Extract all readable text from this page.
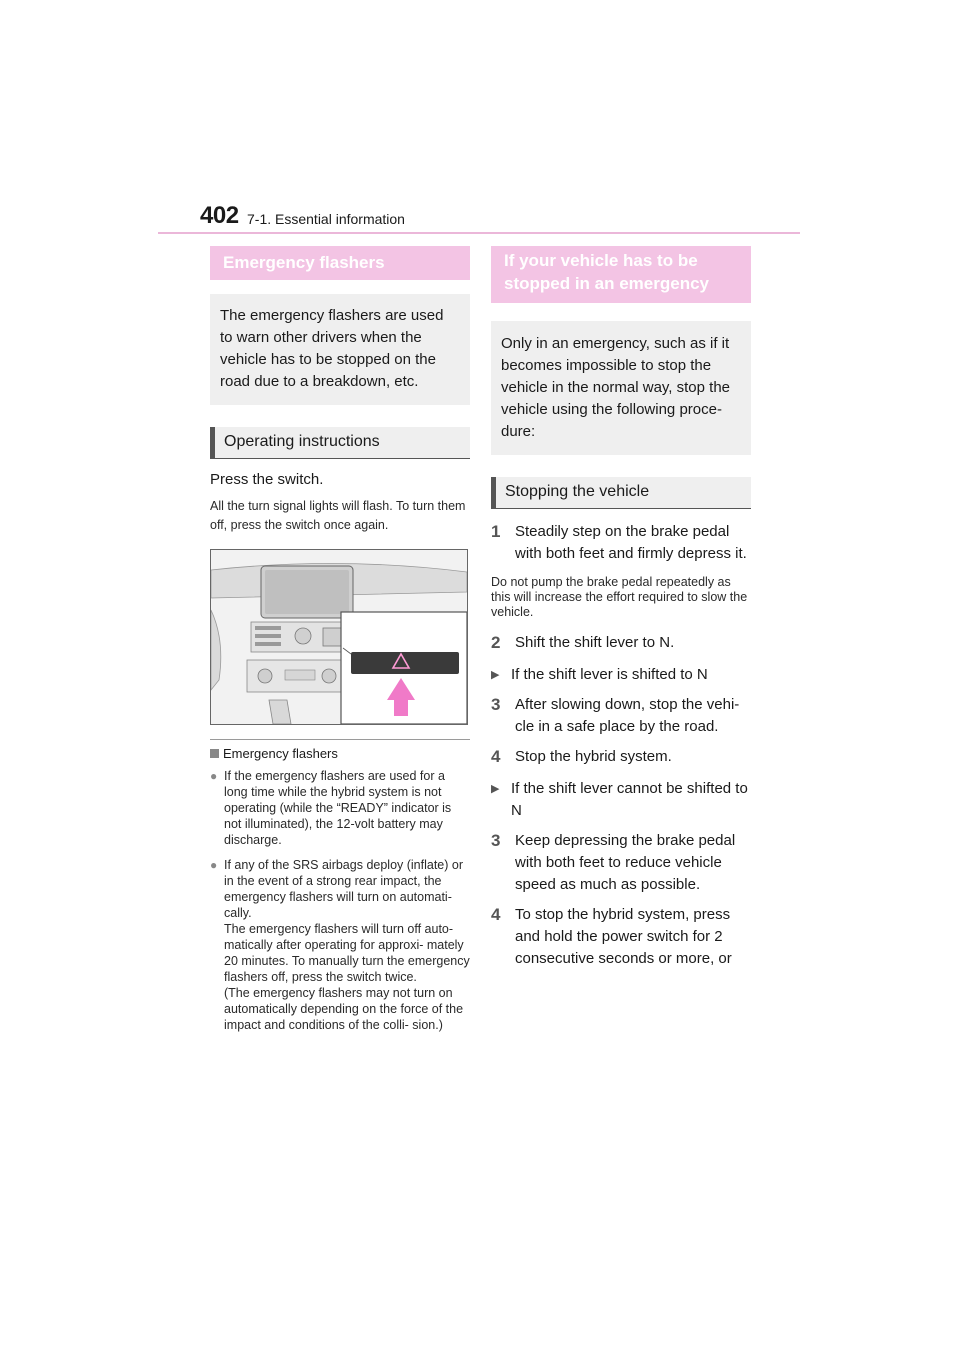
402 7-1. Essential information
Emergency flashers
The emergency flashers are used to warn other drivers when the vehicle has to be stopped on the road due to a breakdown, etc.
Operating instructions
Press the switch.
All the turn signal lights will flash. To turn them off, press the switch once again.
Emergency flashers
● If the emergency flashers are used for a long time while the hybrid system is not operating (while the “READY” indicator is not illuminated), the 12-volt battery may discharge.
● If any of the SRS airbags deploy (inflate) or in the event of a strong rear impact, the emergency flashers will turn on automati- cally.
The emergency flashers will turn off auto- matically after operating for approxi- mately 20 minutes. To manually turn the emergency flashers off, press the switch twice.
(The emergency flashers may not turn on automatically depending on the force of the impact and conditions of the colli- sion.)
If your vehicle has to be stopped in an emergency
Only in an emergency, such as if it becomes impossible to stop the vehicle in the normal way, stop the vehicle using the following proce- dure:
Stopping the vehicle
1 Steadily step on the brake pedal with both feet and firmly depress it.
Do not pump the brake pedal repeatedly as this will increase the effort required to slow the vehicle.
2 Shift the shift lever to N.
▶ If the shift lever is shifted to N
3 After slowing down, stop the vehi- cle in a safe place by the road.
4 Stop the hybrid system.
▶ If the shift lever cannot be shifted to N
3 Keep depressing the brake pedal with both feet to reduce vehicle speed as much as possible.
4 To stop the hybrid system, press and hold the power switch for 2 consecutive seconds or more, or
